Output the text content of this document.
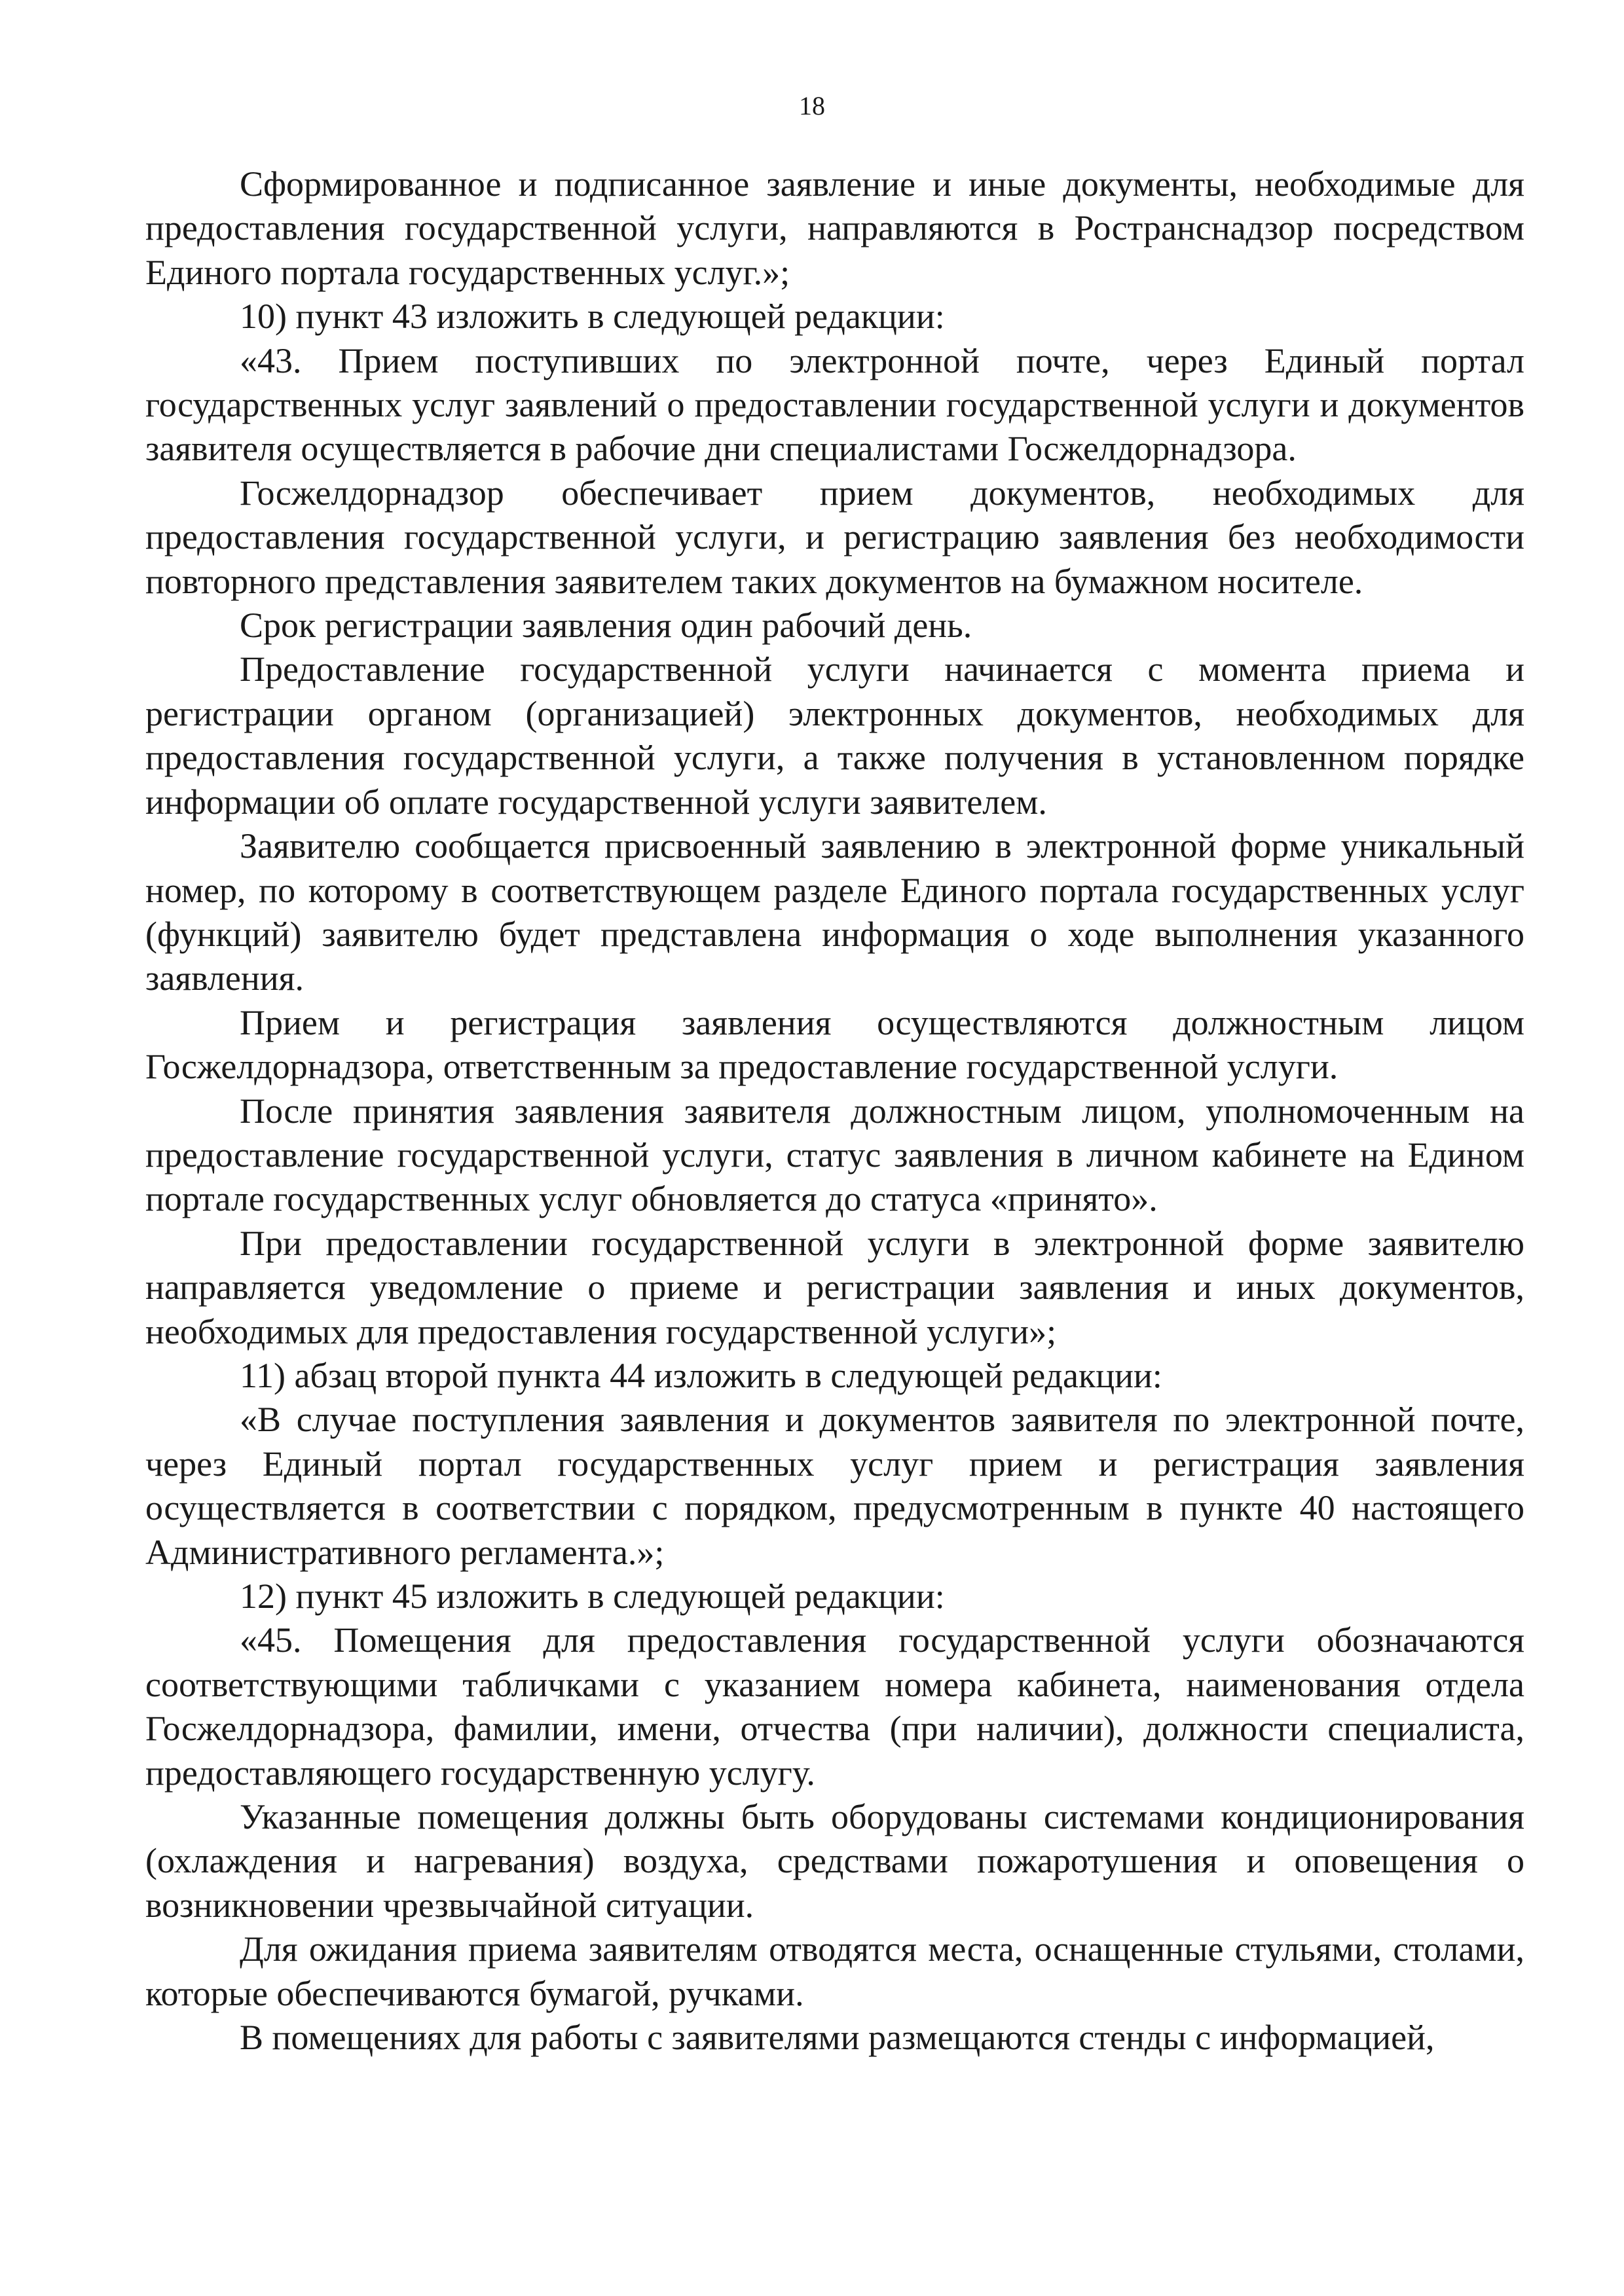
18

Сформированное и подписанное заявление и иные документы, необходимые для предоставления государственной услуги, направляются в Ространснадзор посредством Единого портала государственных услуг.»;

10) пункт 43 изложить в следующей редакции:

«43. Прием поступивших по электронной почте, через Единый портал государственных услуг заявлений о предоставлении государственной услуги и документов заявителя осуществляется в рабочие дни специалистами Госжелдорнадзора.

Госжелдорнадзор обеспечивает прием документов, необходимых для предоставления государственной услуги, и регистрацию заявления без необходимости повторного представления заявителем таких документов на бумажном носителе.

Срок регистрации заявления один рабочий день.

Предоставление государственной услуги начинается с момента приема и регистрации органом (организацией) электронных документов, необходимых для предоставления государственной услуги, а также получения в установленном порядке информации об оплате государственной услуги заявителем.

Заявителю сообщается присвоенный заявлению в электронной форме уникальный номер, по которому в соответствующем разделе Единого портала государственных услуг (функций) заявителю будет представлена информация о ходе выполнения указанного заявления.

Прием и регистрация заявления осуществляются должностным лицом Госжелдорнадзора, ответственным за предоставление государственной услуги.

После принятия заявления заявителя должностным лицом, уполномоченным на предоставление государственной услуги, статус заявления в личном кабинете на Едином портале государственных услуг обновляется до статуса «принято».

При предоставлении государственной услуги в электронной форме заявителю направляется уведомление о приеме и регистрации заявления и иных документов, необходимых для предоставления государственной услуги»;

11) абзац второй пункта 44 изложить в следующей редакции:

«В случае поступления заявления и документов заявителя по электронной почте, через Единый портал государственных услуг прием и регистрация заявления осуществляется в соответствии с порядком, предусмотренным в пункте 40 настоящего Административного регламента.»;

12) пункт 45 изложить в следующей редакции:

«45. Помещения для предоставления государственной услуги обозначаются соответствующими табличками с указанием номера кабинета, наименования отдела Госжелдорнадзора, фамилии, имени, отчества (при наличии), должности специалиста, предоставляющего государственную услугу.

Указанные помещения должны быть оборудованы системами кондиционирования (охлаждения и нагревания) воздуха, средствами пожаротушения и оповещения о возникновении чрезвычайной ситуации.

Для ожидания приема заявителям отводятся места, оснащенные стульями, столами, которые обеспечиваются бумагой, ручками.

В помещениях для работы с заявителями размещаются стенды с информацией,
